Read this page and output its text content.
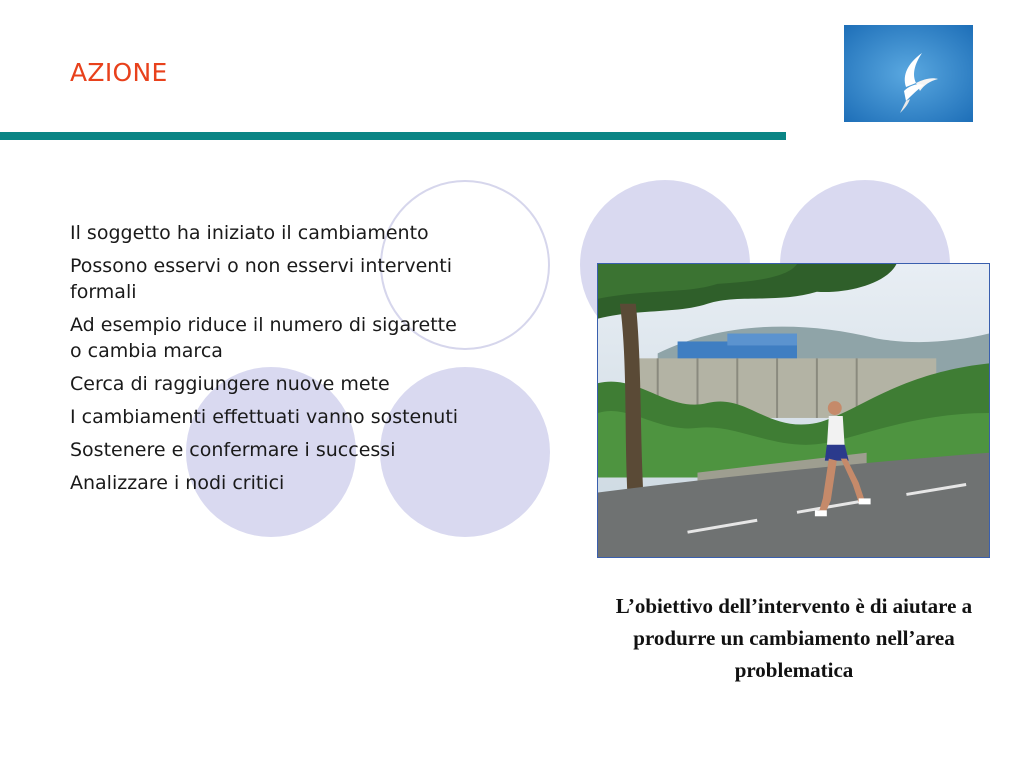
AZIONE
Il soggetto ha iniziato il cambiamento
Possono esservi o non esservi interventi formali
Ad esempio riduce il numero di sigarette o cambia marca
Cerca di raggiungere nuove mete
I cambiamenti effettuati vanno sostenuti
Sostenere e confermare i successi
Analizzare i nodi critici
L’obiettivo dell’intervento è di aiutare a produrre un cambiamento nell’area problematica
